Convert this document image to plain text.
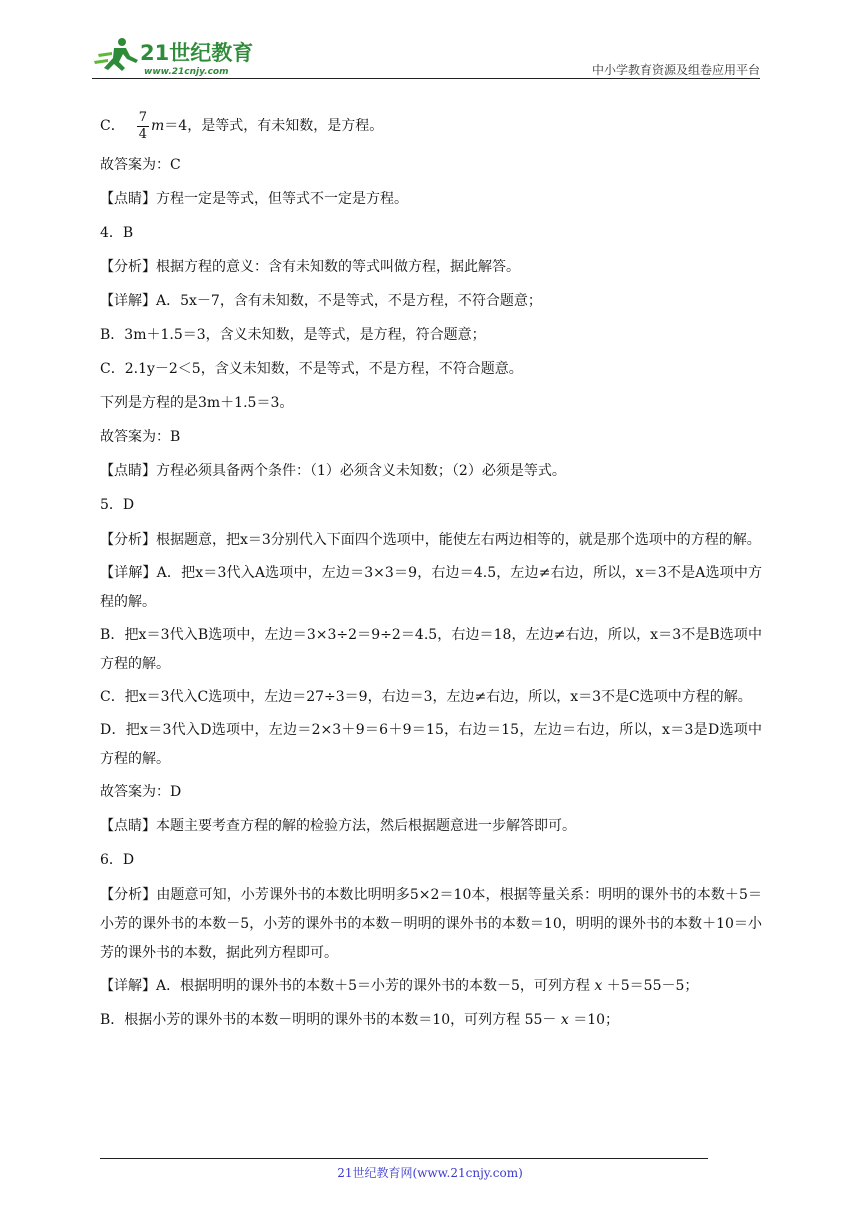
21世纪教育
www.21cnjy.com	中小学教育资源及组卷应用平台
C． $\frac{7}{4}$ m ＝4，是等式，有未知数，是方程。
故答案为：C
【点睛】方程一定是等式，但等式不一定是方程。
4．B
【分析】根据方程的意义：含有未知数的等式叫做方程，据此解答。
【详解】A．5x－7，含有未知数，不是等式，不是方程，不符合题意；
B．3m＋1.5＝3，含义未知数，是等式，是方程，符合题意；
C．2.1y－2＜5，含义未知数，不是等式，不是方程，不符合题意。
下列是方程的是3m＋1.5＝3。
故答案为：B
【点睛】方程必须具备两个条件：（1）必须含义未知数；（2）必须是等式。
5．D
【分析】根据题意，把x＝3分别代入下面四个选项中，能使左右两边相等的，就是那个选项中的方程的解。
【详解】A．把x＝3代入A选项中，左边＝3×3＝9，右边＝4.5，左边≠右边，所以，x＝3不是A选项中方程的解。
B．把x＝3代入B选项中，左边＝3×3÷2＝9÷2＝4.5，右边＝18，左边≠右边，所以，x＝3不是B选项中方程的解。
C．把x＝3代入C选项中，左边＝27÷3＝9，右边＝3，左边≠右边，所以，x＝3不是C选项中方程的解。
D．把x＝3代入D选项中，左边＝2×3＋9＝6＋9＝15，右边＝15，左边＝右边，所以，x＝3是D选项中方程的解。
故答案为：D
【点睛】本题主要考查方程的解的检验方法，然后根据题意进一步解答即可。
6．D
【分析】由题意可知，小芳课外书的本数比明明多5×2＝10本，根据等量关系：明明的课外书的本数＋5＝小芳的课外书的本数－5，小芳的课外书的本数－明明的课外书的本数＝10，明明的课外书的本数＋10＝小芳的课外书的本数，据此列方程即可。
【详解】A．根据明明的课外书的本数＋5＝小芳的课外书的本数－5，可列方程 x ＋5＝55－5；
B．根据小芳的课外书的本数－明明的课外书的本数＝10，可列方程 55－ x ＝10；
21世纪教育网(www.21cnjy.com)
